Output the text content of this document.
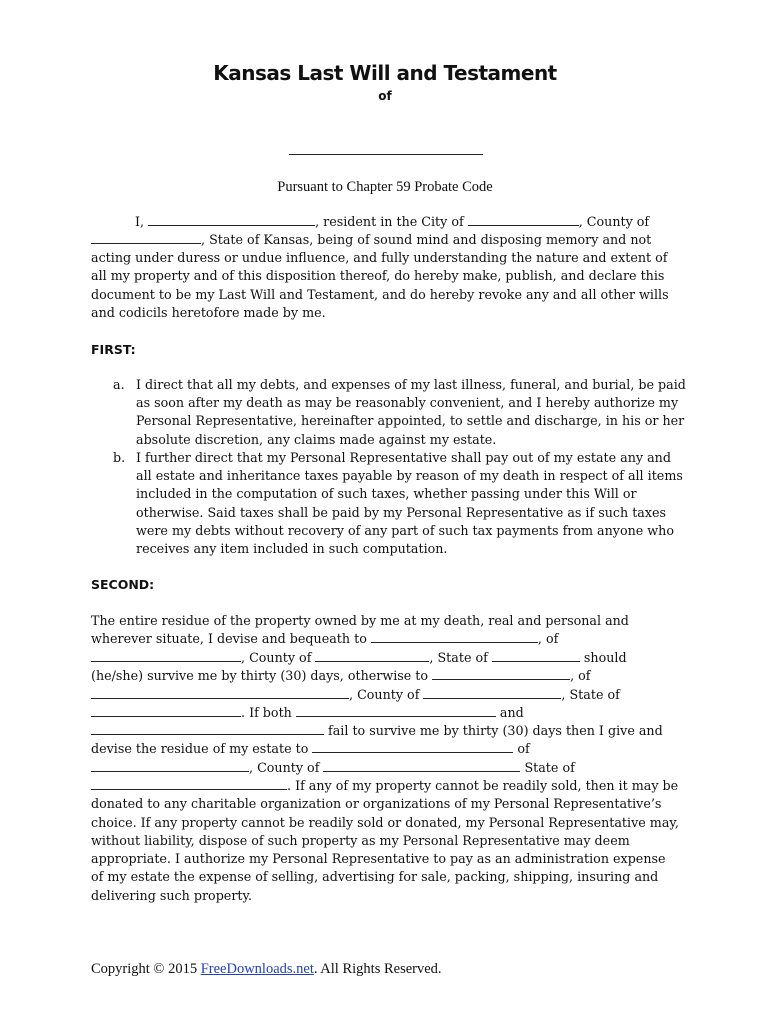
Kansas Last Will and Testament
of
Pursuant to Chapter 59 Probate Code
I,	, resident in the City of	, County of
, State of Kansas, being of sound mind and disposing memory and not
acting under duress or undue influence, and fully understanding the nature and extent of
all my property and of this disposition thereof, do hereby make, publish, and declare this
document to be my Last Will and Testament, and do hereby revoke any and all other wills
and codicils heretofore made by me.
FIRST:
a. I direct that all my debts, and expenses of my last illness, funeral, and burial, be paid
as soon after my death as may be reasonably convenient, and I hereby authorize my
Personal Representative, hereinafter appointed, to settle and discharge, in his or her
absolute discretion, any claims made against my estate.
b. I further direct that my Personal Representative shall pay out of my estate any and
all estate and inheritance taxes payable by reason of my death in respect of all items
included in the computation of such taxes, whether passing under this Will or
otherwise. Said taxes shall be paid by my Personal Representative as if such taxes
were my debts without recovery of any part of such tax payments from anyone who
receives any item included in such computation.
SECOND:
The entire residue of the property owned by me at my death, real and personal and
wherever situate, I devise and bequeath to	, of
, County of	, State of	should
(he/she) survive me by thirty (30) days, otherwise to	, of
, County of	, State of
. If both	and
fail to survive me by thirty (30) days then I give and
devise the residue of my estate to	of
, County of	State of
. If any of my property cannot be readily sold, then it may be
donated to any charitable organization or organizations of my Personal Representative’s
choice. If any property cannot be readily sold or donated, my Personal Representative may,
without liability, dispose of such property as my Personal Representative may deem
appropriate. I authorize my Personal Representative to pay as an administration expense
of my estate the expense of selling, advertising for sale, packing, shipping, insuring and
delivering such property.
Copyright © 2015 FreeDownloads.net. All Rights Reserved.
